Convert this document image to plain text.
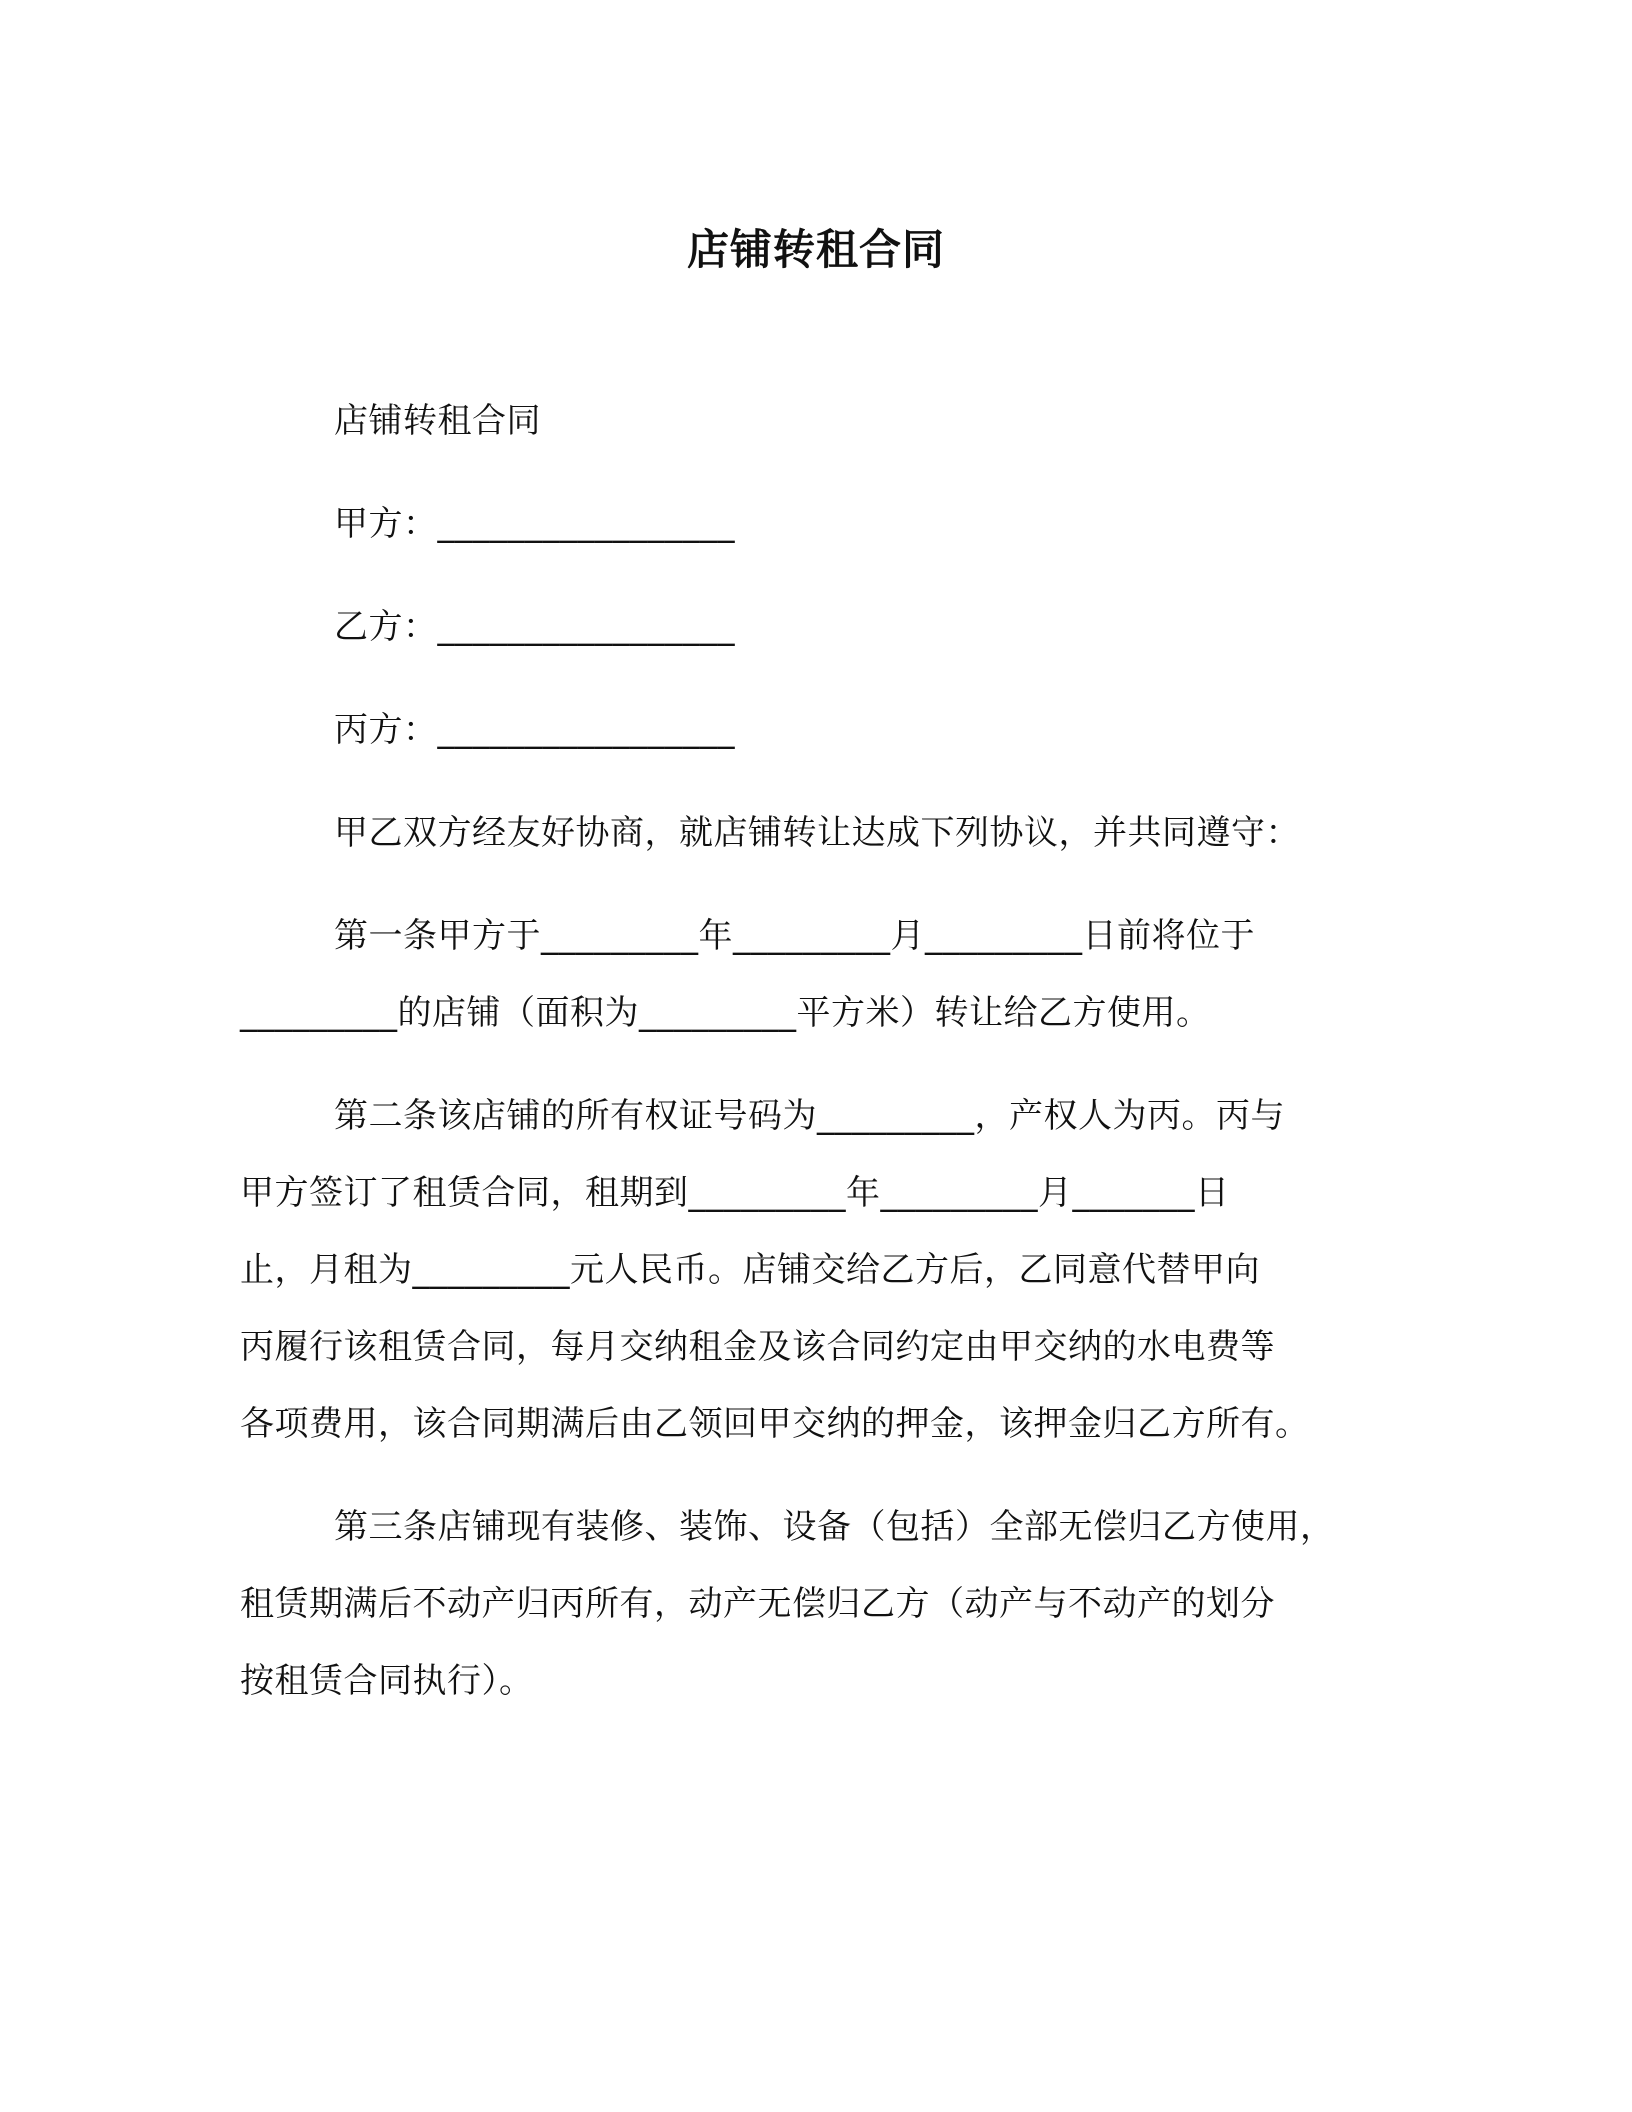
店铺转租合同
店铺转租合同
甲方：_________________
乙方：_________________
丙方：_________________
甲乙双方经友好协商，就店铺转让达成下列协议，并共同遵守：
第一条甲方于_________年_________月_________日前将位于
_________的店铺（面积为_________平方米）转让给乙方使用。
第二条该店铺的所有权证号码为_________，产权人为丙。丙与
甲方签订了租赁合同，租期到_________年_________月_______日
止，月租为_________元人民币。店铺交给乙方后，乙同意代替甲向
丙履行该租赁合同，每月交纳租金及该合同约定由甲交纳的水电费等
各项费用，该合同期满后由乙领回甲交纳的押金，该押金归乙方所有。
第三条店铺现有装修、装饰、设备（包括）全部无偿归乙方使用，
租赁期满后不动产归丙所有，动产无偿归乙方（动产与不动产的划分
按租赁合同执行）。
